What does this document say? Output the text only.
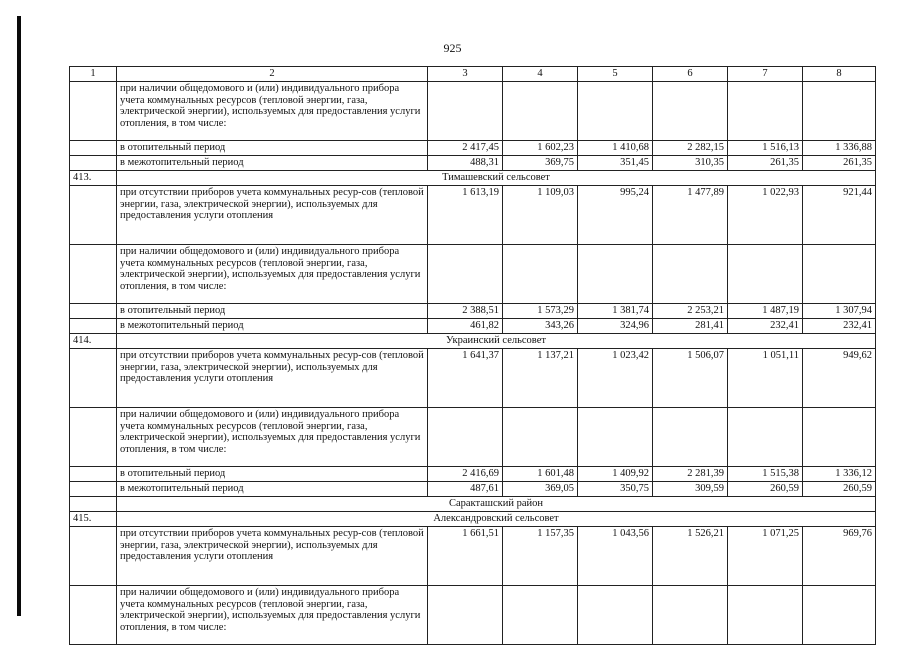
925
1	2	3	4	5	6	7	8
	при наличии общедомового и (или) индивидуального прибора учета коммунальных ресурсов (тепловой энергии, газа, электрической энергии), используемых для предоставления услуги отопления, в том числе:						
	в отопительный период	2 417,45	1 602,23	1 410,68	2 282,15	1 516,13	1 336,88
	в межотопительный период	488,31	369,75	351,45	310,35	261,35	261,35
413.	Тимашевский сельсовет						
	при отсутствии приборов учета коммунальных ресур-сов (тепловой энергии, газа, электрической энергии), используемых для предоставления услуги отопления	1 613,19	1 109,03	995,24	1 477,89	1 022,93	921,44
	при наличии общедомового и (или) индивидуального прибора учета коммунальных ресурсов (тепловой энергии, газа, электрической энергии), используемых для предоставления услуги отопления, в том числе:						
	в отопительный период	2 388,51	1 573,29	1 381,74	2 253,21	1 487,19	1 307,94
	в межотопительный период	461,82	343,26	324,96	281,41	232,41	232,41
414.	Украинский сельсовет						
	при отсутствии приборов учета коммунальных ресур-сов (тепловой энергии, газа, электрической энергии), используемых для предоставления услуги отопления	1 641,37	1 137,21	1 023,42	1 506,07	1 051,11	949,62
	при наличии общедомового и (или) индивидуального прибора учета коммунальных ресурсов (тепловой энергии, газа, электрической энергии), используемых для предоставления услуги отопления, в том числе:						
	в отопительный период	2 416,69	1 601,48	1 409,92	2 281,39	1 515,38	1 336,12
	в межотопительный период	487,61	369,05	350,75	309,59	260,59	260,59
	Саракташский район						
415.	Александровский сельсовет						
	при отсутствии приборов учета коммунальных ресур-сов (тепловой энергии, газа, электрической энергии), используемых для предоставления услуги отопления	1 661,51	1 157,35	1 043,56	1 526,21	1 071,25	969,76
	при наличии общедомового и (или) индивидуального прибора учета коммунальных ресурсов (тепловой энергии, газа, электрической энергии), используемых для предоставления услуги отопления, в том числе:						
